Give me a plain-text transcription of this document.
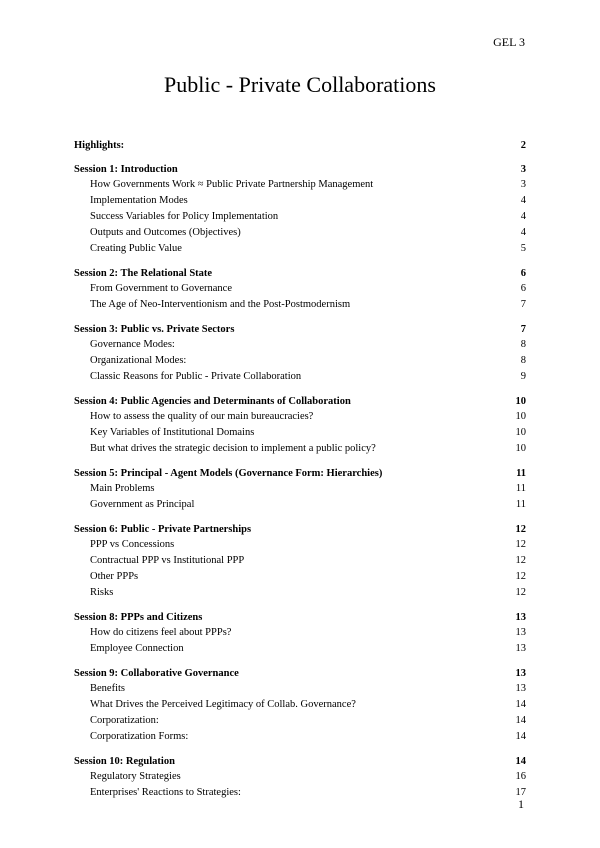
GEL 3
Public - Private Collaborations
Highlights:	2
Session 1: Introduction	3
How Governments Work ≈ Public Private Partnership Management	3
Implementation Modes	4
Success Variables for Policy Implementation	4
Outputs and Outcomes (Objectives)	4
Creating Public Value	5
Session 2: The Relational State	6
From Government to Governance	6
The Age of Neo-Interventionism and the Post-Postmodernism	7
Session 3: Public vs. Private Sectors	7
Governance Modes:	8
Organizational Modes:	8
Classic Reasons for Public - Private Collaboration	9
Session 4: Public Agencies and Determinants of Collaboration	10
How to assess the quality of our main bureaucracies?	10
Key Variables of Institutional Domains	10
But what drives the strategic decision to implement a public policy?	10
Session 5: Principal - Agent Models (Governance Form: Hierarchies)	11
Main Problems	11
Government as Principal	11
Session 6: Public - Private Partnerships	12
PPP vs Concessions	12
Contractual PPP vs Institutional PPP	12
Other PPPs	12
Risks	12
Session 8: PPPs and Citizens	13
How do citizens feel about PPPs?	13
Employee Connection	13
Session 9: Collaborative Governance	13
Benefits	13
What Drives the Perceived Legitimacy of Collab. Governance?	14
Corporatization:	14
Corporatization Forms:	14
Session 10: Regulation	14
Regulatory Strategies	16
Enterprises' Reactions to Strategies:	17
1
